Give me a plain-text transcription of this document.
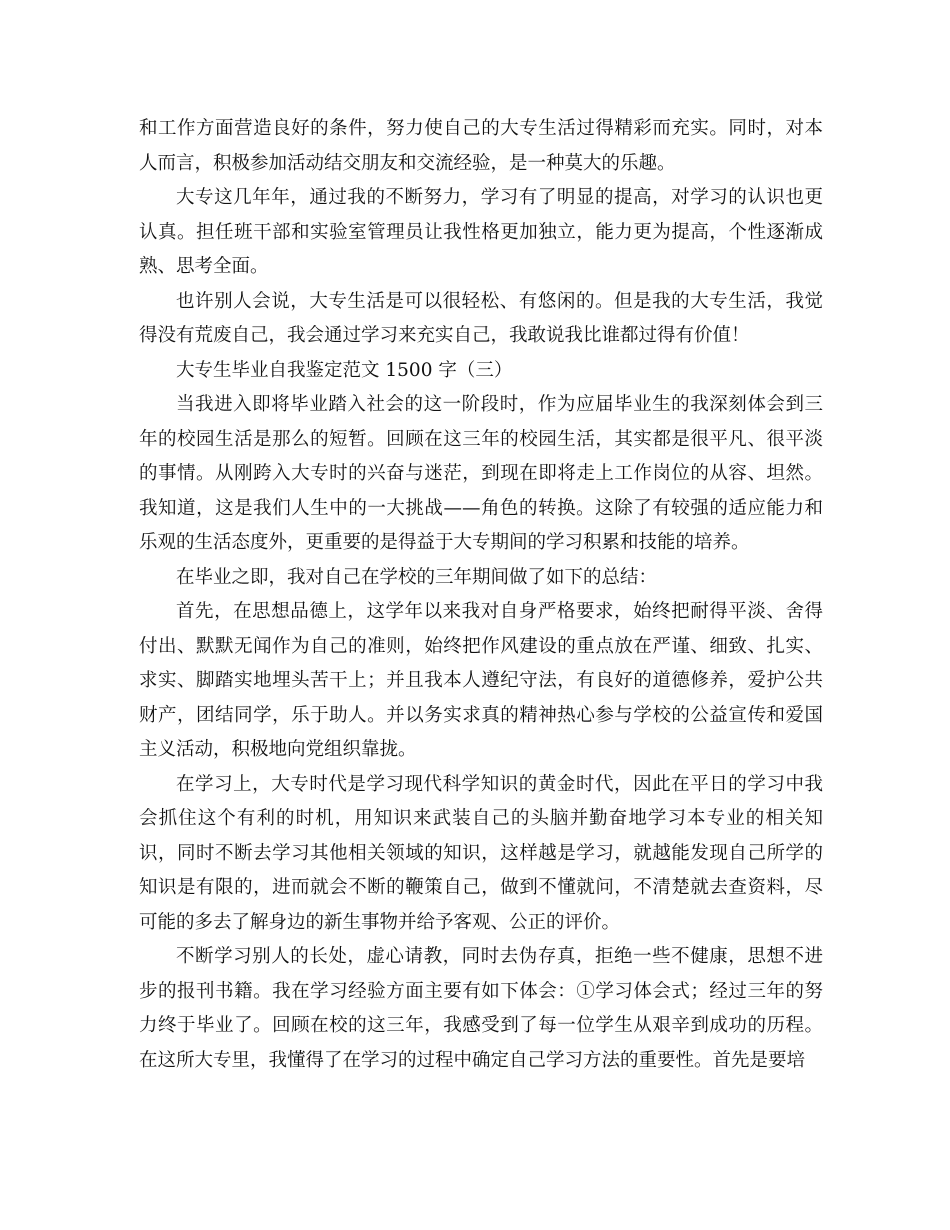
和工作方面营造良好的条件，努力使自己的大专生活过得精彩而充实。同时，对本人而言，积极参加活动结交朋友和交流经验，是一种莫大的乐趣。

大专这几年年，通过我的不断努力，学习有了明显的提高，对学习的认识也更认真。担任班干部和实验室管理员让我性格更加独立，能力更为提高，个性逐渐成熟、思考全面。

也许别人会说，大专生活是可以很轻松、有悠闲的。但是我的大专生活，我觉得没有荒废自己，我会通过学习来充实自己，我敢说我比谁都过得有价值！

大专生毕业自我鉴定范文 1500 字（三）

当我进入即将毕业踏入社会的这一阶段时，作为应届毕业生的我深刻体会到三年的校园生活是那么的短暂。回顾在这三年的校园生活，其实都是很平凡、很平淡的事情。从刚跨入大专时的兴奋与迷茫，到现在即将走上工作岗位的从容、坦然。我知道，这是我们人生中的一大挑战——角色的转换。这除了有较强的适应能力和乐观的生活态度外，更重要的是得益于大专期间的学习积累和技能的培养。

在毕业之即，我对自己在学校的三年期间做了如下的总结：

首先，在思想品德上，这学年以来我对自身严格要求，始终把耐得平淡、舍得付出、默默无闻作为自己的准则，始终把作风建设的重点放在严谨、细致、扎实、求实、脚踏实地埋头苦干上；并且我本人遵纪守法，有良好的道德修养，爱护公共财产，团结同学，乐于助人。并以务实求真的精神热心参与学校的公益宣传和爱国主义活动，积极地向党组织靠拢。

在学习上，大专时代是学习现代科学知识的黄金时代，因此在平日的学习中我会抓住这个有利的时机，用知识来武装自己的头脑并勤奋地学习本专业的相关知识，同时不断去学习其他相关领域的知识，这样越是学习，就越能发现自己所学的知识是有限的，进而就会不断的鞭策自己，做到不懂就问，不清楚就去查资料，尽可能的多去了解身边的新生事物并给予客观、公正的评价。

不断学习别人的长处，虚心请教，同时去伪存真，拒绝一些不健康，思想不进步的报刊书籍。我在学习经验方面主要有如下体会：①学习体会式；经过三年的努力终于毕业了。回顾在校的这三年，我感受到了每一位学生从艰辛到成功的历程。在这所大专里，我懂得了在学习的过程中确定自己学习方法的重要性。首先是要培
